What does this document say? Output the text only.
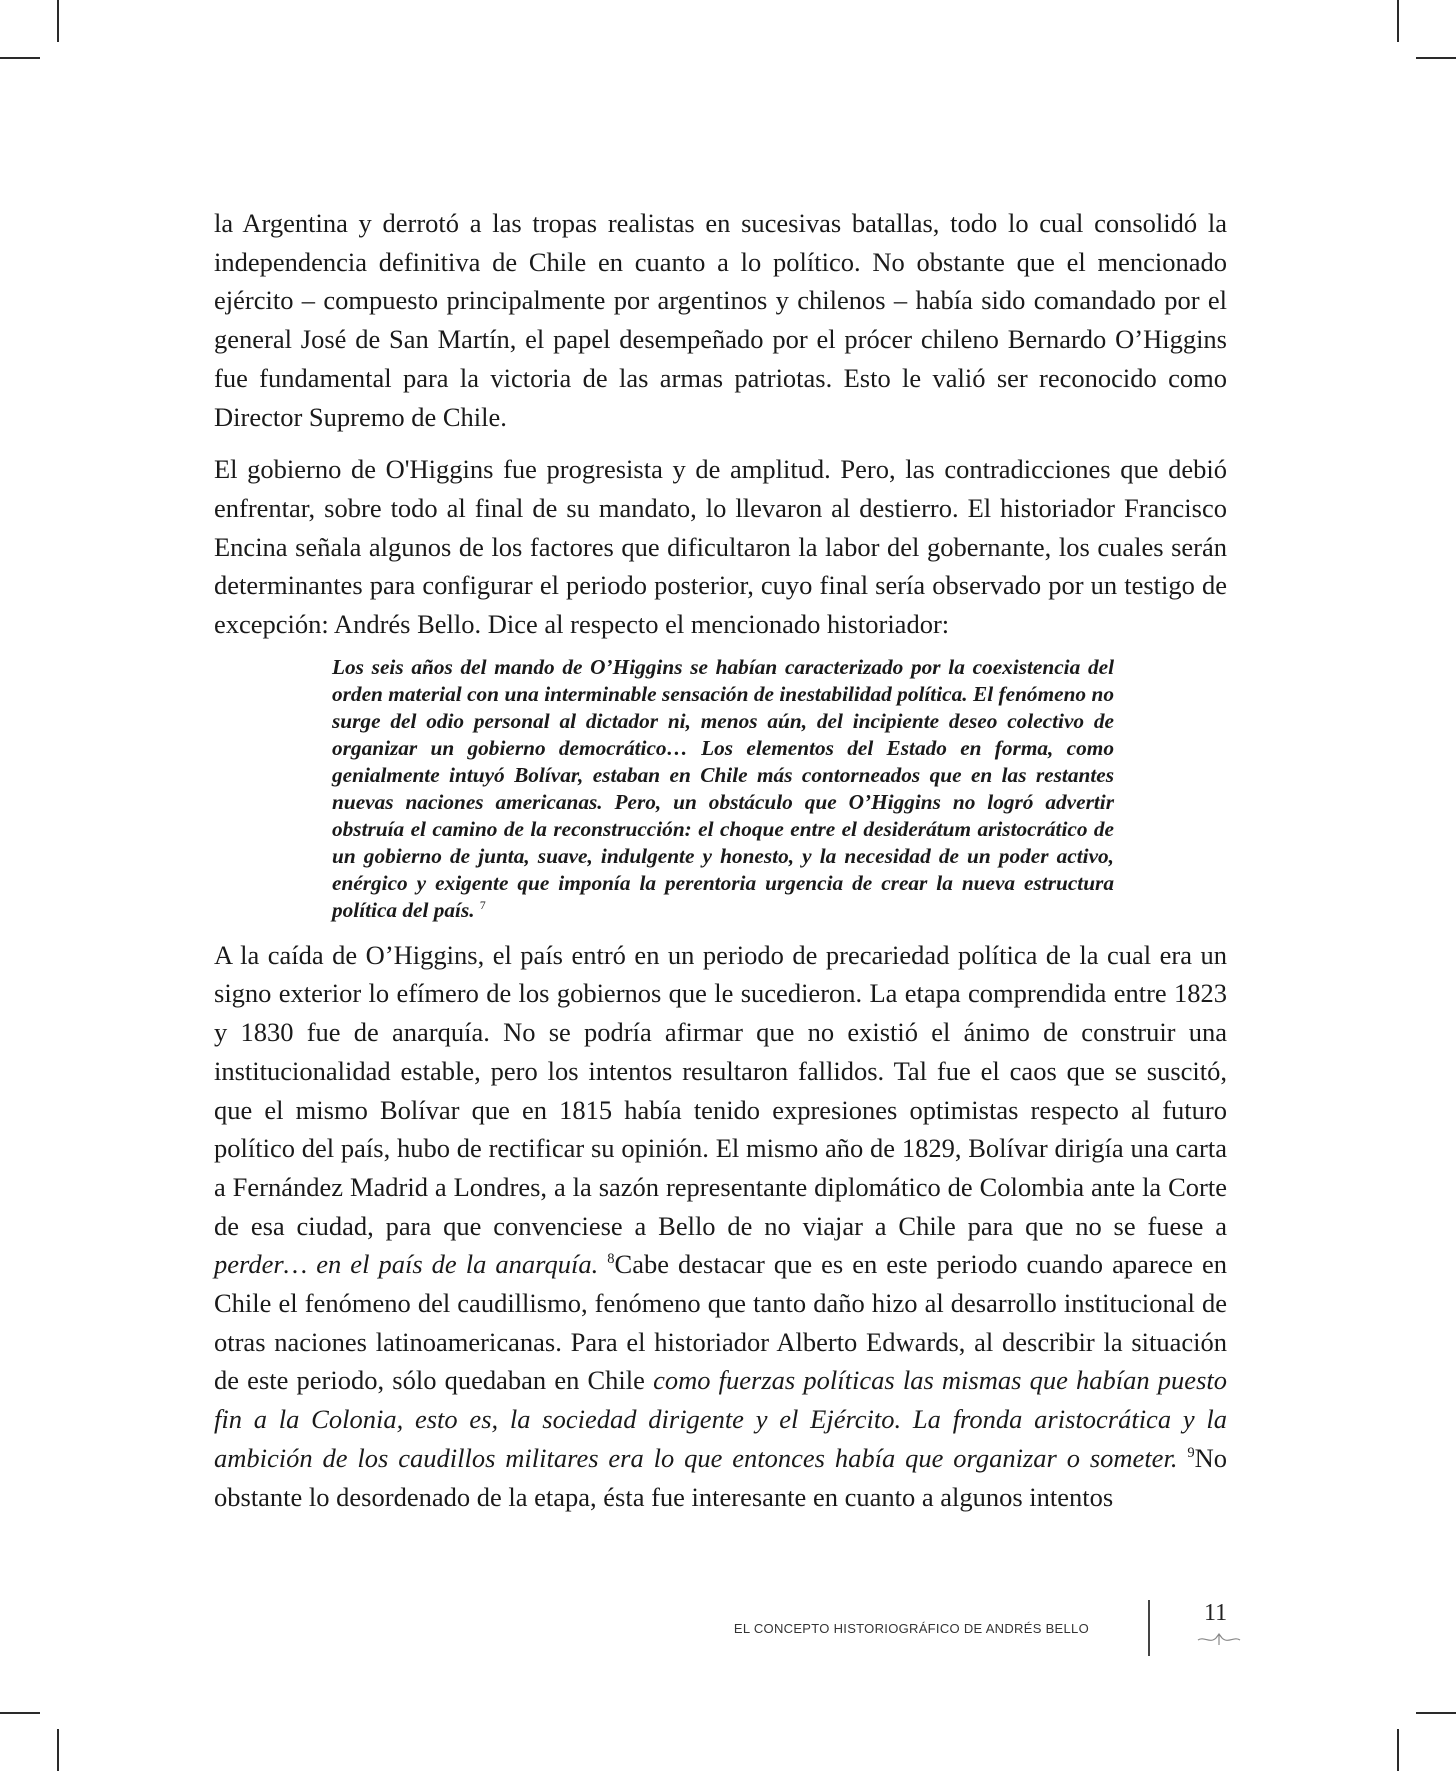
la Argentina y derrotó a las tropas realistas en sucesivas batallas, todo lo cual consolidó la independencia definitiva de Chile en cuanto a lo político. No obstante que el mencionado ejército – compuesto principalmente por argentinos y chilenos – había sido comandado por el general José de San Martín, el papel desempeñado por el prócer chileno Bernardo O’Higgins fue fundamental para la victoria de las armas patriotas. Esto le valió ser reconocido como Director Supremo de Chile.

El gobierno de O'Higgins fue progresista y de amplitud. Pero, las contradicciones que debió enfrentar, sobre todo al final de su mandato, lo llevaron al destierro. El historiador Francisco Encina señala algunos de los factores que dificultaron la labor del gobernante, los cuales serán determinantes para configurar el periodo posterior, cuyo final sería observado por un testigo de excepción: Andrés Bello. Dice al respecto el mencionado historiador:

Los seis años del mando de O’Higgins se habían caracterizado por la coexistencia del orden material con una interminable sensación de inestabilidad política. El fenómeno no surge del odio personal al dictador ni, menos aún, del incipiente deseo colectivo de organizar un gobierno democrático… Los elementos del Estado en forma, como genialmente intuyó Bolívar, estaban en Chile más contorneados que en las restantes nuevas naciones americanas. Pero, un obstáculo que O’Higgins no logró advertir obstruía el camino de la reconstrucción: el choque entre el desiderátum aristocrático de un gobierno de junta, suave, indulgente y honesto, y la necesidad de un poder activo, enérgico y exigente que imponía la perentoria urgencia de crear la nueva estructura política del país. $^7$

A la caída de O’Higgins, el país entró en un periodo de precariedad política de la cual era un signo exterior lo efímero de los gobiernos que le sucedieron. La etapa comprendida entre 1823 y 1830 fue de anarquía. No se podría afirmar que no existió el ánimo de construir una institucionalidad estable, pero los intentos resultaron fallidos. Tal fue el caos que se suscitó, que el mismo Bolívar que en 1815 había tenido expresiones optimistas respecto al futuro político del país, hubo de rectificar su opinión. El mismo año de 1829, Bolívar dirigía una carta a Fernández Madrid a Londres, a la sazón representante diplomático de Colombia ante la Corte de esa ciudad, para que convenciese a Bello de no viajar a Chile para que no se fuese a perder… en el país de la anarquía. $^8$Cabe destacar que es en este periodo cuando aparece en Chile el fenómeno del caudillismo, fenómeno que tanto daño hizo al desarrollo institucional de otras naciones latinoamericanas. Para el historiador Alberto Edwards, al describir la situación de este periodo, sólo quedaban en Chile como fuerzas políticas las mismas que habían puesto fin a la Colonia, esto es, la sociedad dirigente y el Ejército. La fronda aristocrática y la ambición de los caudillos militares era lo que entonces había que organizar o someter. $^9$No obstante lo desordenado de la etapa, ésta fue interesante en cuanto a algunos intentos

EL CONCEPTO HISTORIOGRÁFICO DE ANDRÉS BELLO
11
